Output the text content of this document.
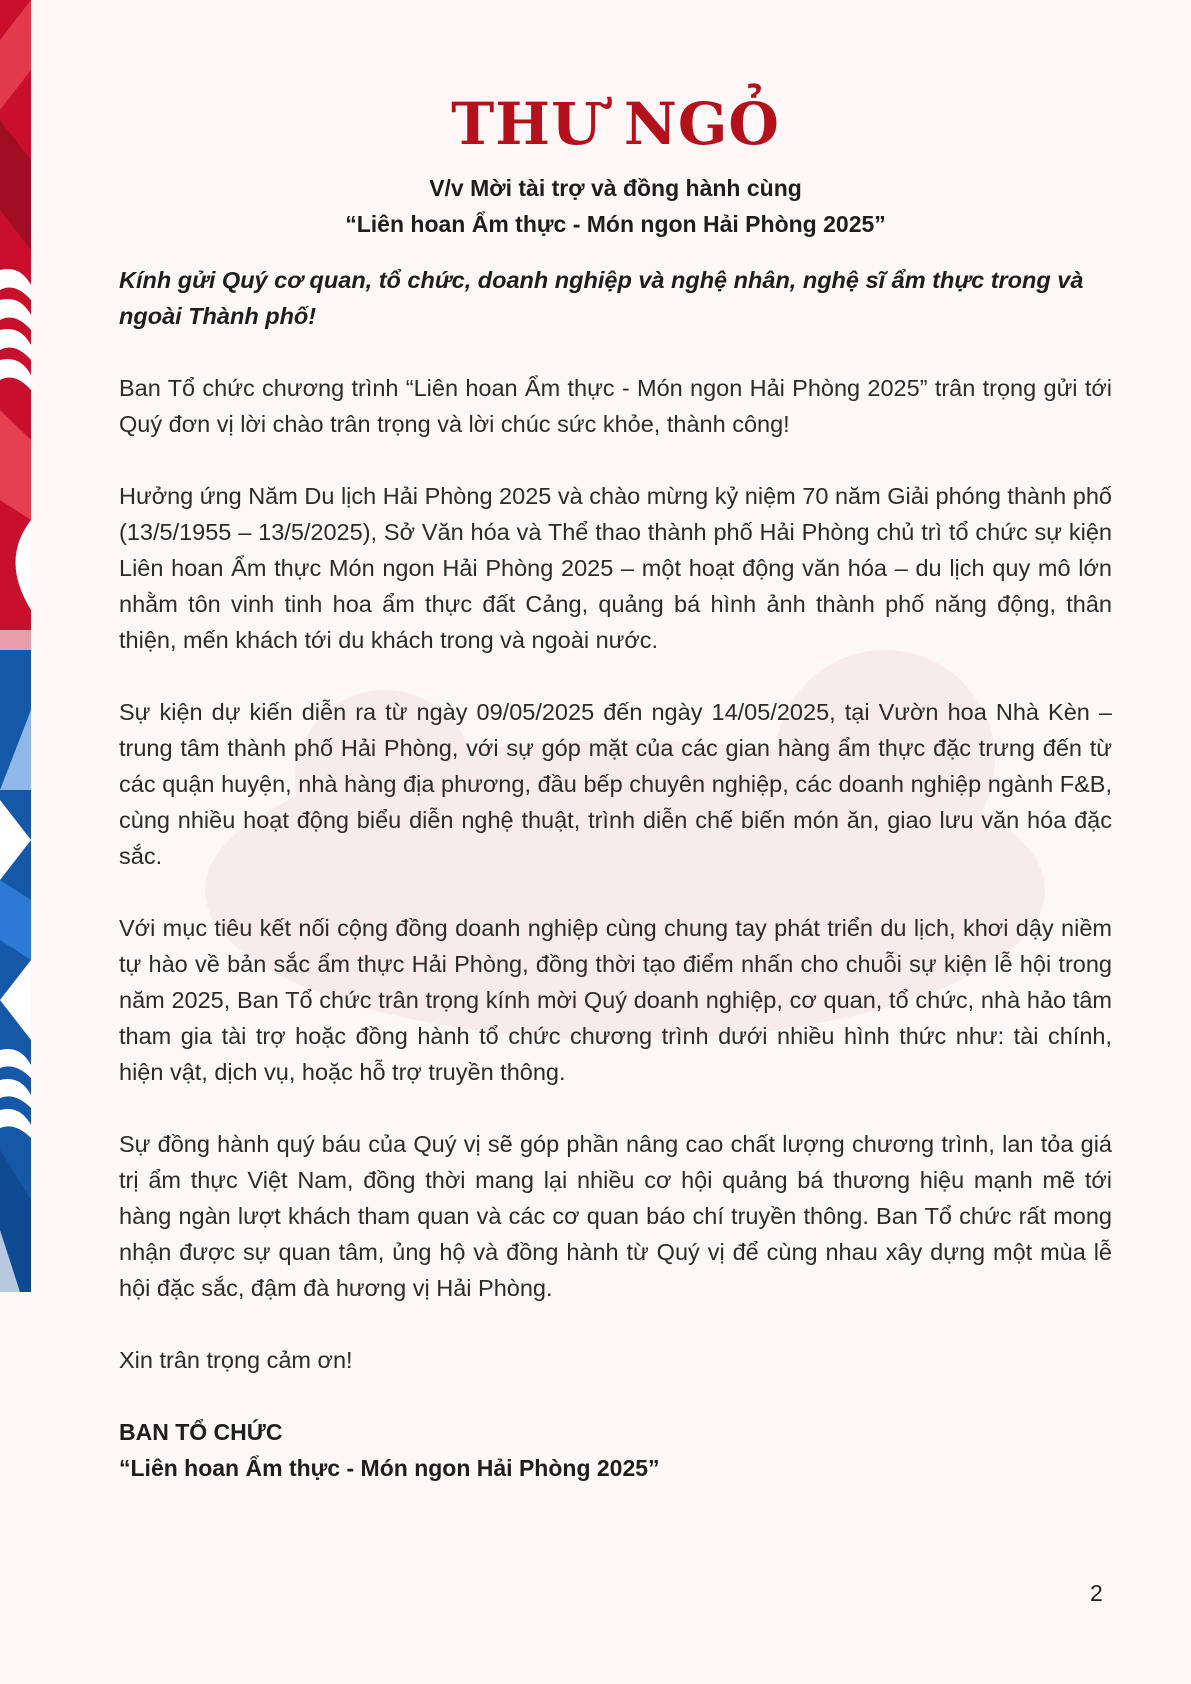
THƯ NGỎ
V/v Mời tài trợ và đồng hành cùng
“Liên hoan Ẩm thực - Món ngon Hải Phòng 2025”
Kính gửi Quý cơ quan, tổ chức, doanh nghiệp và nghệ nhân, nghệ sĩ ẩm thực trong và ngoài Thành phố!
Ban Tổ chức chương trình “Liên hoan Ẩm thực - Món ngon Hải Phòng 2025” trân trọng gửi tới Quý đơn vị lời chào trân trọng và lời chúc sức khỏe, thành công!
Hưởng ứng Năm Du lịch Hải Phòng 2025 và chào mừng kỷ niệm 70 năm Giải phóng thành phố (13/5/1955 – 13/5/2025), Sở Văn hóa và Thể thao thành phố Hải Phòng chủ trì tổ chức sự kiện Liên hoan Ẩm thực Món ngon Hải Phòng 2025 – một hoạt động văn hóa – du lịch quy mô lớn nhằm tôn vinh tinh hoa ẩm thực đất Cảng, quảng bá hình ảnh thành phố năng động, thân thiện, mến khách tới du khách trong và ngoài nước.
Sự kiện dự kiến diễn ra từ ngày 09/05/2025 đến ngày 14/05/2025, tại Vườn hoa Nhà Kèn – trung tâm thành phố Hải Phòng, với sự góp mặt của các gian hàng ẩm thực đặc trưng đến từ các quận huyện, nhà hàng địa phương, đầu bếp chuyên nghiệp, các doanh nghiệp ngành F&B, cùng nhiều hoạt động biểu diễn nghệ thuật, trình diễn chế biến món ăn, giao lưu văn hóa đặc sắc.
Với mục tiêu kết nối cộng đồng doanh nghiệp cùng chung tay phát triển du lịch, khơi dậy niềm tự hào về bản sắc ẩm thực Hải Phòng, đồng thời tạo điểm nhấn cho chuỗi sự kiện lễ hội trong năm 2025, Ban Tổ chức trân trọng kính mời Quý doanh nghiệp, cơ quan, tổ chức, nhà hảo tâm tham gia tài trợ hoặc đồng hành tổ chức chương trình dưới nhiều hình thức như: tài chính, hiện vật, dịch vụ, hoặc hỗ trợ truyền thông.
Sự đồng hành quý báu của Quý vị sẽ góp phần nâng cao chất lượng chương trình, lan tỏa giá trị ẩm thực Việt Nam, đồng thời mang lại nhiều cơ hội quảng bá thương hiệu mạnh mẽ tới hàng ngàn lượt khách tham quan và các cơ quan báo chí truyền thông. Ban Tổ chức rất mong nhận được sự quan tâm, ủng hộ và đồng hành từ Quý vị để cùng nhau xây dựng một mùa lễ hội đặc sắc, đậm đà hương vị Hải Phòng.
Xin trân trọng cảm ơn!
BAN TỔ CHỨC
“Liên hoan Ẩm thực - Món ngon Hải Phòng 2025”
2
